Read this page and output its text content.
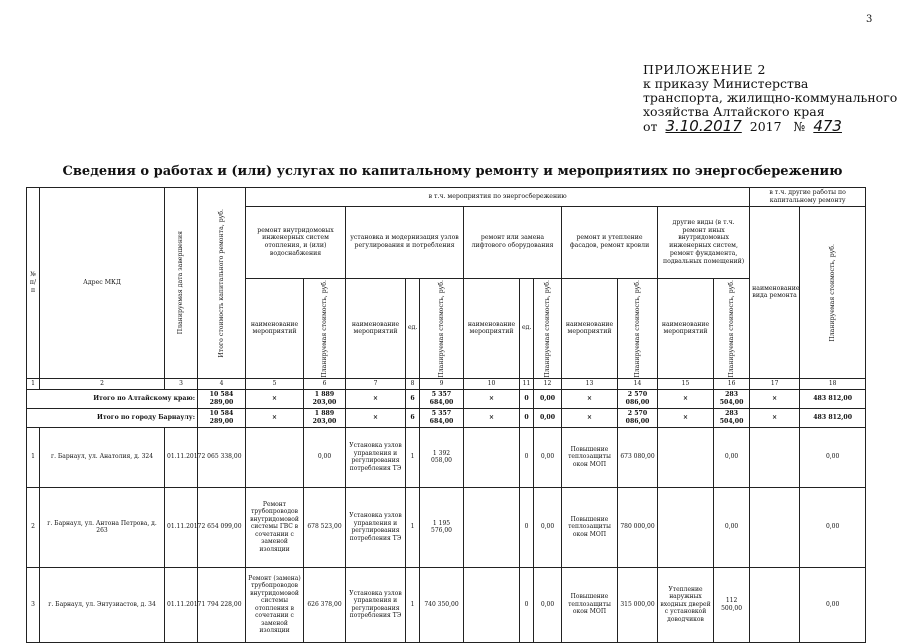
3
ПРИЛОЖЕНИЕ 2
к приказу Министерства
транспорта, жилищно-коммунального
хозяйства Алтайского края
от 3.10.2017 2017 № 473
Сведения о работах и (или) услугах по капитальному ремонту и мероприятиях по энергосбережению
№ п/п	Адрес МКД	Планируемая дата завершения	Итого стоимость капитального ремонта, руб.	в т.ч. мероприятия по энергосбережению												в т.ч. другие работы по капитальному ремонту	
				ремонт внутридомовых инженерных систем отопления, и (или) водоснабжения		установка и модернизация узлов регулирования и потребления			ремонт или замена лифтового оборудования			ремонт и утепление фасадов, ремонт кровли		другие виды (в т.ч. ремонт иных внутридомовых инженерных систем, ремонт фундамента, подвальных помещений)		наименование вида ремонта	Планируемая стоимость, руб.

				наименование мероприятий	Планируемая стоимость, руб.	наименование мероприятий	ед.	Планируемая стоимость, руб.	наименование мероприятий	ед.	Планируемая стоимость, руб.	наименование мероприятий	Планируемая стоимость, руб.	наименование мероприятий	Планируемая стоимость, руб.		

1	2	3	4	5	6	7	8	9	10	11	12	13	14	15	16	17	18
Итого по Алтайскому краю:			10 584 289,00	×	1 889 203,00	×	6	5 357 684,00	×	0	0,00	×	2 570 086,00	×	283 504,00	×	483 812,00
Итого по городу Барнаулу:			10 584 289,00	×	1 889 203,00	×	6	5 357 684,00	×	0	0,00	×	2 570 086,00	×	283 504,00	×	483 812,00
1	г. Барнаул, ул. Анатолия, д. 324	01.11.2017	2 065 338,00		0,00	Установка узлов управления и регулирования потребления ТЭ	1	1 392 058,00		0	0,00	Повышение теплозащиты окон МОП	673 080,00		0,00		0,00
2	г. Барнаул, ул. Антона Петрова, д. 263	01.11.2017	2 654 099,00	Ремонт трубопроводов внутридомовой системы ГВС в сочетании с заменой изоляции	678 523,00	Установка узлов управления и регулирования потребления ТЭ	1	1 195 576,00		0	0,00	Повышение теплозащиты окон МОП	780 000,00		0,00		0,00
3	г. Барнаул, ул. Энтузиастов, д. 34	01.11.2017	1 794 228,00	Ремонт (замена) трубопроводов внутридомовой системы отопления в сочетании с заменой изоляции	626 378,00	Установка узлов управления и регулирования потребления ТЭ	1	740 350,00		0	0,00	Повышение теплозащиты окон МОП	315 000,00	Утепление наружных входных дверей с установкой доводчиков	112 500,00		0,00
